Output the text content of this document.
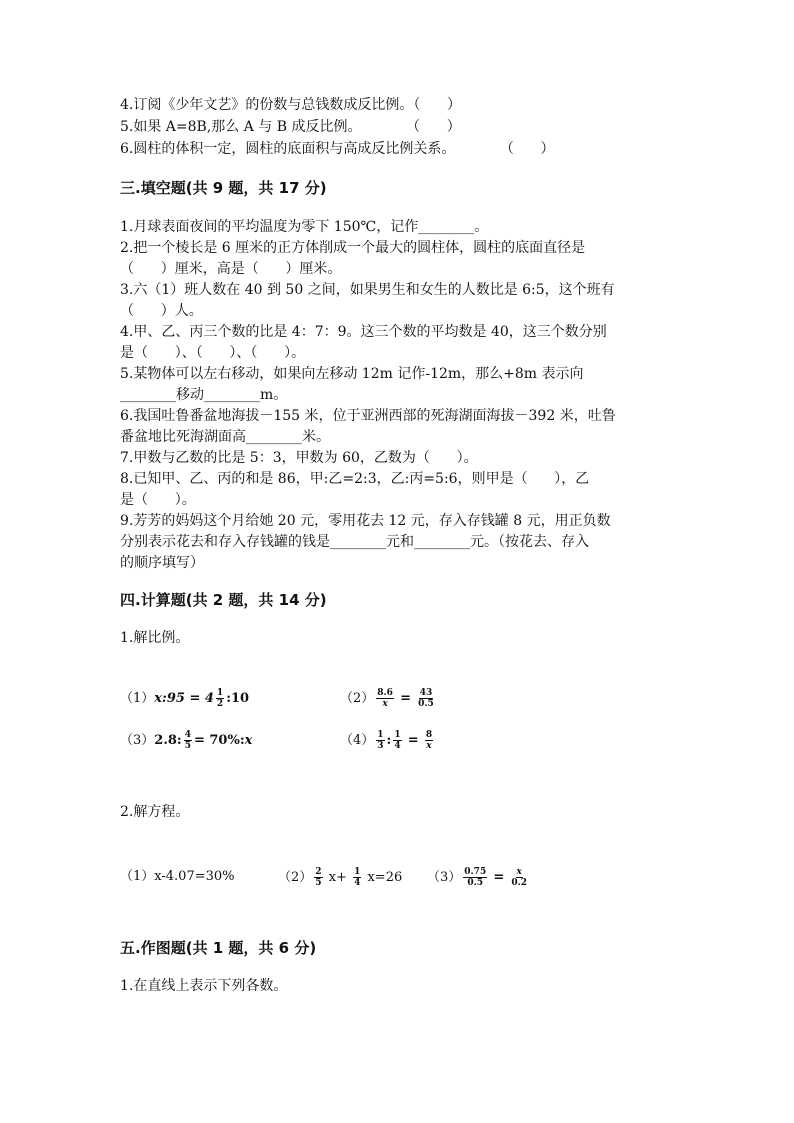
4.订阅《少年文艺》的份数与总钱数成反比例。（      ）
5.如果 A=8B,那么 A 与 B 成反比例。          （      ）
6.圆柱的体积一定，圆柱的底面积与高成反比例关系。          （      ）
三.填空题(共 9 题，共 17 分)
1.月球表面夜间的平均温度为零下 150℃，记作________。
2.把一个棱长是 6 厘米的正方体削成一个最大的圆柱体，圆柱的底面直径是
（      ）厘米，高是（      ）厘米。
3.六（1）班人数在 40 到 50 之间，如果男生和女生的人数比是 6:5，这个班有
（      ）人。
4.甲、乙、丙三个数的比是 4：7：9。这三个数的平均数是 40，这三个数分别
是（      ）、（      ）、（      ）。
5.某物体可以左右移动，如果向左移动 12m 记作-12m，那么+8m 表示向
________移动________m。
6.我国吐鲁番盆地海拔－155 米，位于亚洲西部的死海湖面海拔－392 米，吐鲁
番盆地比死海湖面高________米。
7.甲数与乙数的比是 5：3，甲数为 60，乙数为（      ）。
8.已知甲、乙、丙的和是 86，甲:乙=2:3，乙:丙=5:6，则甲是（      ），乙
是（      ）。
9.芳芳的妈妈这个月给她 20 元，零用花去 12 元，存入存钱罐 8 元，用正负数
分别表示花去和存入存钱罐的钱是________元和________元。（按花去、存入
的顺序填写）
四.计算题(共 2 题，共 14 分)
1.解比例。
（1）x:95 = $4 \frac{1}{2}$ :10	$(2) \frac{8.6}{x} = \frac{43}{0.5}$
（3）2.8: $\frac{4}{5}$ = 70%:x	$(4) \frac{1}{3}$ : $\frac{1}{4} = \frac{8}{x}$
2.解方程。
（1）x-4.07=30%	$(2) \frac{2}{5} x+ \frac{1}{4} x=26$ $(3) \frac{0.75}{0.5} = \frac{x}{0.2}$
五.作图题(共 1 题，共 6 分)
1.在直线上表示下列各数。
